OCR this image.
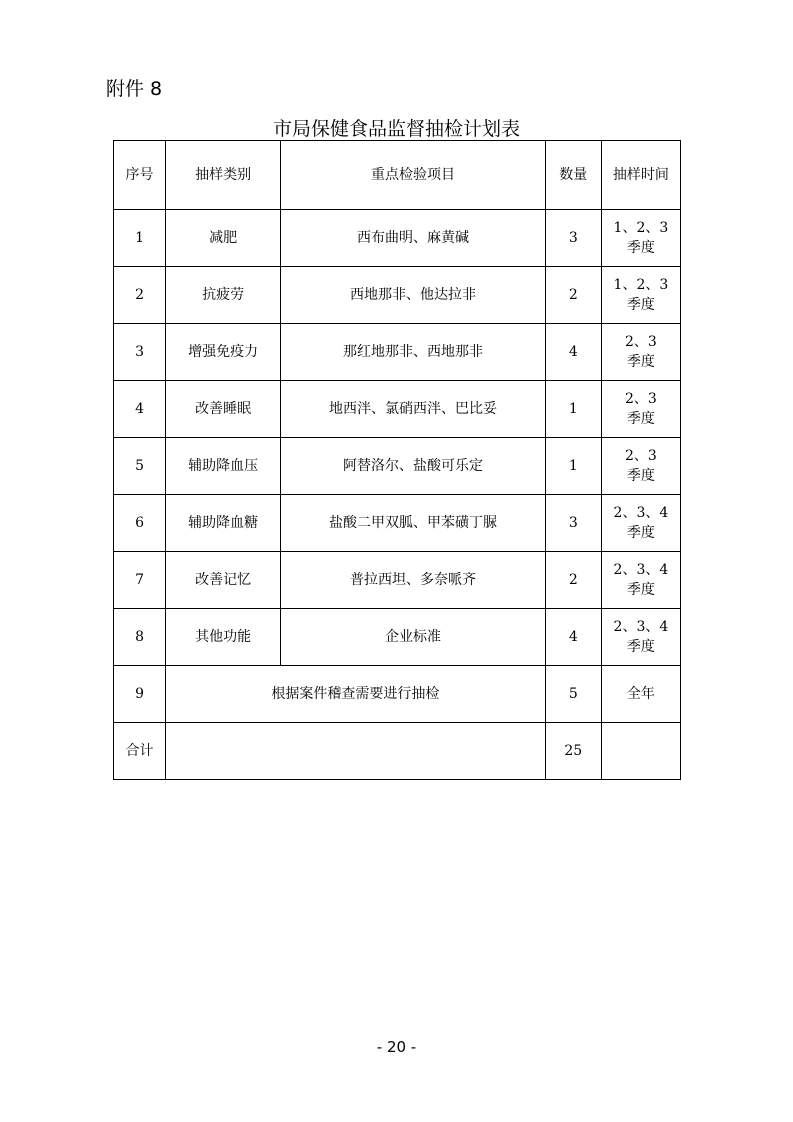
附件 8
市局保健食品监督抽检计划表
序号	抽样类别	重点检验项目	数量	抽样时间
1	减肥	西布曲明、麻黄碱	3	1、2、3
季度
2	抗疲劳	西地那非、他达拉非	2	1、2、3
季度
3	增强免疫力	那红地那非、西地那非	4	2、3
季度
4	改善睡眠	地西泮、氯硝西泮、巴比妥	1	2、3
季度
5	辅助降血压	阿替洛尔、盐酸可乐定	1	2、3
季度
6	辅助降血糖	盐酸二甲双胍、甲苯磺丁脲	3	2、3、4
季度
7	改善记忆	普拉西坦、多奈哌齐	2	2、3、4
季度
8	其他功能	企业标准	4	2、3、4
季度
9	根据案件稽查需要进行抽检		5	全年
合计			25	
- 20 -
